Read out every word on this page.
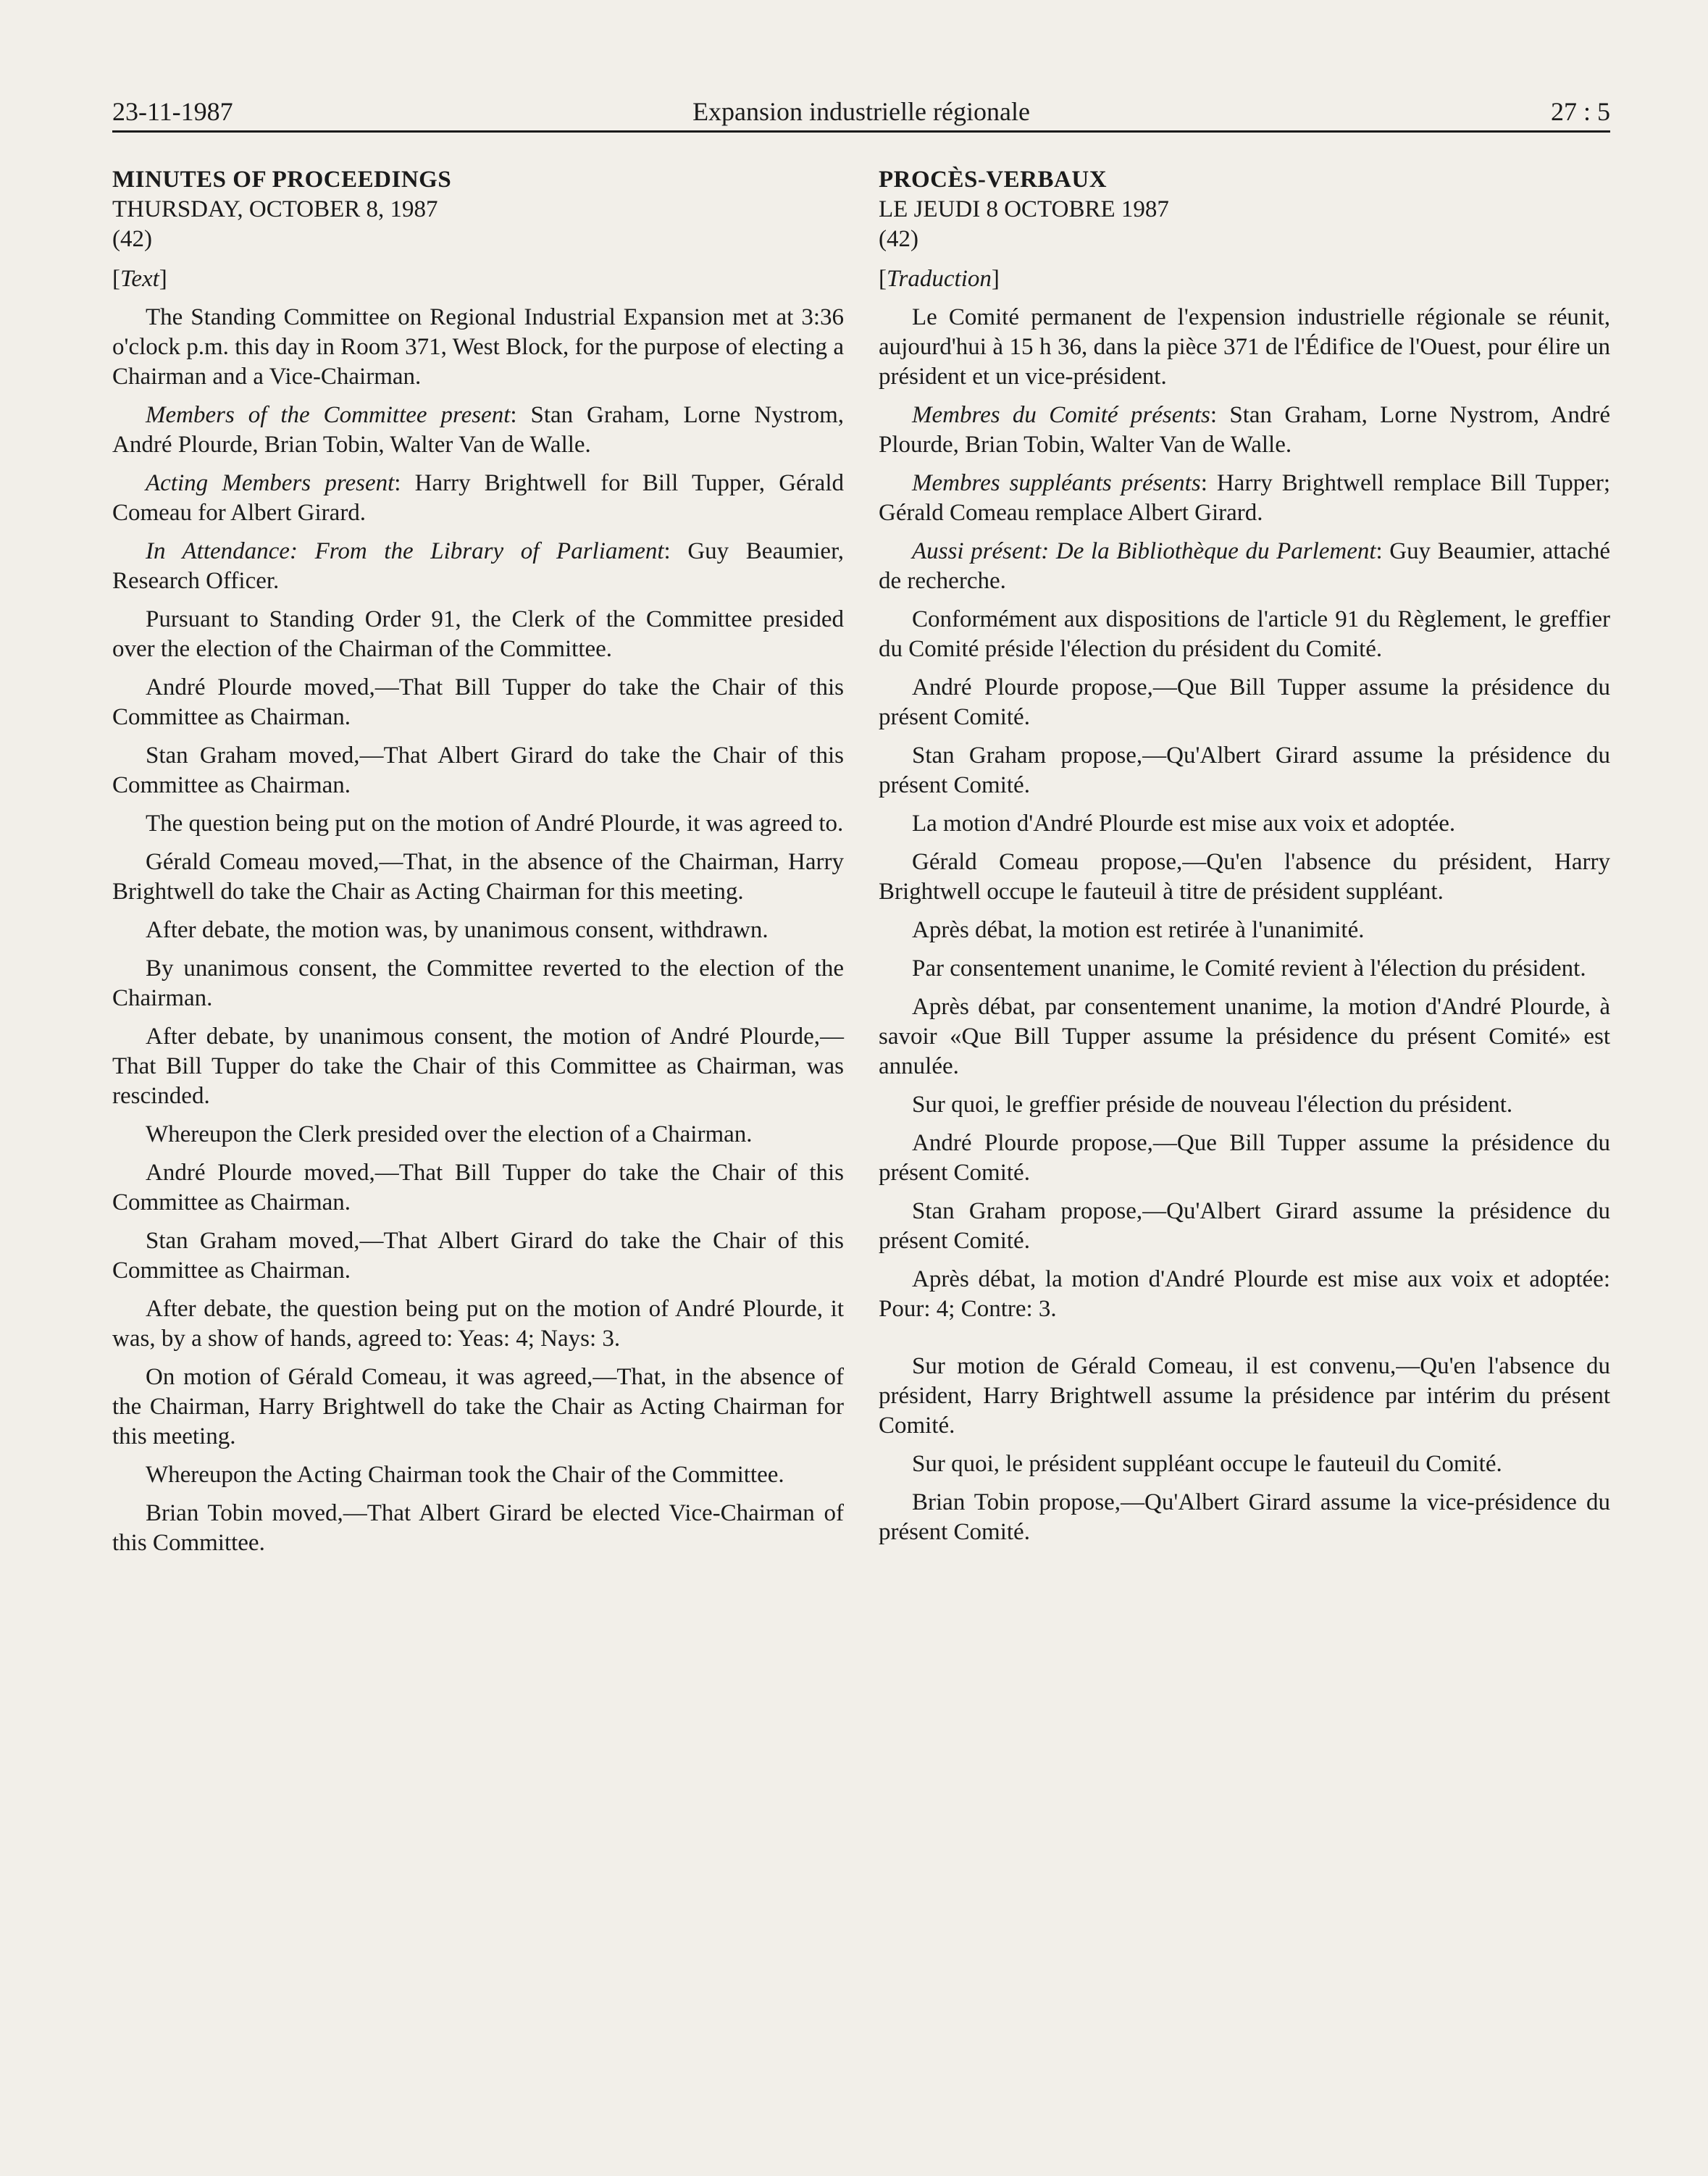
23-11-1987	Expansion industrielle régionale	27 : 5
MINUTES OF PROCEEDINGS
THURSDAY, OCTOBER 8, 1987
(42)
[Text]

The Standing Committee on Regional Industrial Expansion met at 3:36 o'clock p.m. this day in Room 371, West Block, for the purpose of electing a Chairman and a Vice-Chairman.

Members of the Committee present: Stan Graham, Lorne Nystrom, André Plourde, Brian Tobin, Walter Van de Walle.

Acting Members present: Harry Brightwell for Bill Tupper, Gérald Comeau for Albert Girard.

In Attendance: From the Library of Parliament: Guy Beaumier, Research Officer.

Pursuant to Standing Order 91, the Clerk of the Committee presided over the election of the Chairman of the Committee.

André Plourde moved,—That Bill Tupper do take the Chair of this Committee as Chairman.

Stan Graham moved,—That Albert Girard do take the Chair of this Committee as Chairman.

The question being put on the motion of André Plourde, it was agreed to.

Gérald Comeau moved,—That, in the absence of the Chairman, Harry Brightwell do take the Chair as Acting Chairman for this meeting.

After debate, the motion was, by unanimous consent, withdrawn.

By unanimous consent, the Committee reverted to the election of the Chairman.

After debate, by unanimous consent, the motion of André Plourde,—That Bill Tupper do take the Chair of this Committee as Chairman, was rescinded.

Whereupon the Clerk presided over the election of a Chairman.

André Plourde moved,—That Bill Tupper do take the Chair of this Committee as Chairman.

Stan Graham moved,—That Albert Girard do take the Chair of this Committee as Chairman.

After debate, the question being put on the motion of André Plourde, it was, by a show of hands, agreed to: Yeas: 4; Nays: 3.

On motion of Gérald Comeau, it was agreed,—That, in the absence of the Chairman, Harry Brightwell do take the Chair as Acting Chairman for this meeting.

Whereupon the Acting Chairman took the Chair of the Committee.

Brian Tobin moved,—That Albert Girard be elected Vice-Chairman of this Committee.

PROCÈS-VERBAUX
LE JEUDI 8 OCTOBRE 1987
(42)
[Traduction]

Le Comité permanent de l'expension industrielle régionale se réunit, aujourd'hui à 15 h 36, dans la pièce 371 de l'Édifice de l'Ouest, pour élire un président et un vice-président.

Membres du Comité présents: Stan Graham, Lorne Nystrom, André Plourde, Brian Tobin, Walter Van de Walle.

Membres suppléants présents: Harry Brightwell remplace Bill Tupper; Gérald Comeau remplace Albert Girard.

Aussi présent: De la Bibliothèque du Parlement: Guy Beaumier, attaché de recherche.

Conformément aux dispositions de l'article 91 du Règlement, le greffier du Comité préside l'élection du président du Comité.

André Plourde propose,—Que Bill Tupper assume la présidence du présent Comité.

Stan Graham propose,—Qu'Albert Girard assume la présidence du présent Comité.

La motion d'André Plourde est mise aux voix et adoptée.

Gérald Comeau propose,—Qu'en l'absence du président, Harry Brightwell occupe le fauteuil à titre de président suppléant.

Après débat, la motion est retirée à l'unanimité.

Par consentement unanime, le Comité revient à l'élection du président.

Après débat, par consentement unanime, la motion d'André Plourde, à savoir «Que Bill Tupper assume la présidence du présent Comité» est annulée.

Sur quoi, le greffier préside de nouveau l'élection du président.

André Plourde propose,—Que Bill Tupper assume la présidence du présent Comité.

Stan Graham propose,—Qu'Albert Girard assume la présidence du présent Comité.

Après débat, la motion d'André Plourde est mise aux voix et adoptée: Pour: 4; Contre: 3.

Sur motion de Gérald Comeau, il est convenu,—Qu'en l'absence du président, Harry Brightwell assume la présidence par intérim du présent Comité.

Sur quoi, le président suppléant occupe le fauteuil du Comité.

Brian Tobin propose,—Qu'Albert Girard assume la vice-présidence du présent Comité.
